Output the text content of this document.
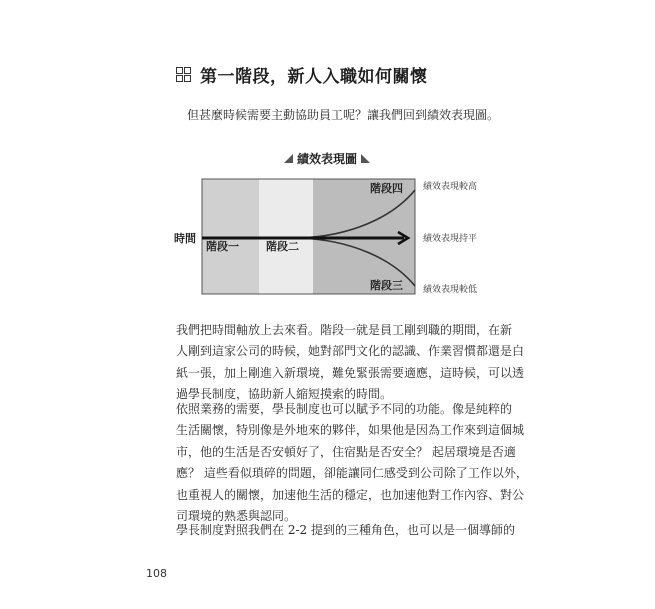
第一階段，新人入職如何關懷
但甚麼時候需要主動協助員工呢？讓我們回到績效表現圖。
績效表現圖
時間
階段一 階段二
階段三
階段四 績效表現較高
績效表現持平
績效表現較低
我們把時間軸放上去來看。階段一就是員工剛到職的期間，在新
人剛到這家公司的時候，她對部門文化的認識、作業習慣都還是白
紙一張，加上剛進入新環境，難免緊張需要適應，這時候，可以透
過學長制度，協助新人縮短摸索的時間。
依照業務的需要，學長制度也可以賦予不同的功能。像是純粹的
生活關懷，特別像是外地來的夥伴，如果他是因為工作來到這個城
市，他的生活是否安頓好了，住宿點是否安全？ 起居環境是否適
應？ 這些看似瑣碎的問題，卻能讓同仁感受到公司除了工作以外，
也重視人的關懷，加速他生活的穩定，也加速他對工作內容、對公
司環境的熟悉與認同。
學長制度對照我們在 2-2 提到的三種角色，也可以是一個導師的
108
